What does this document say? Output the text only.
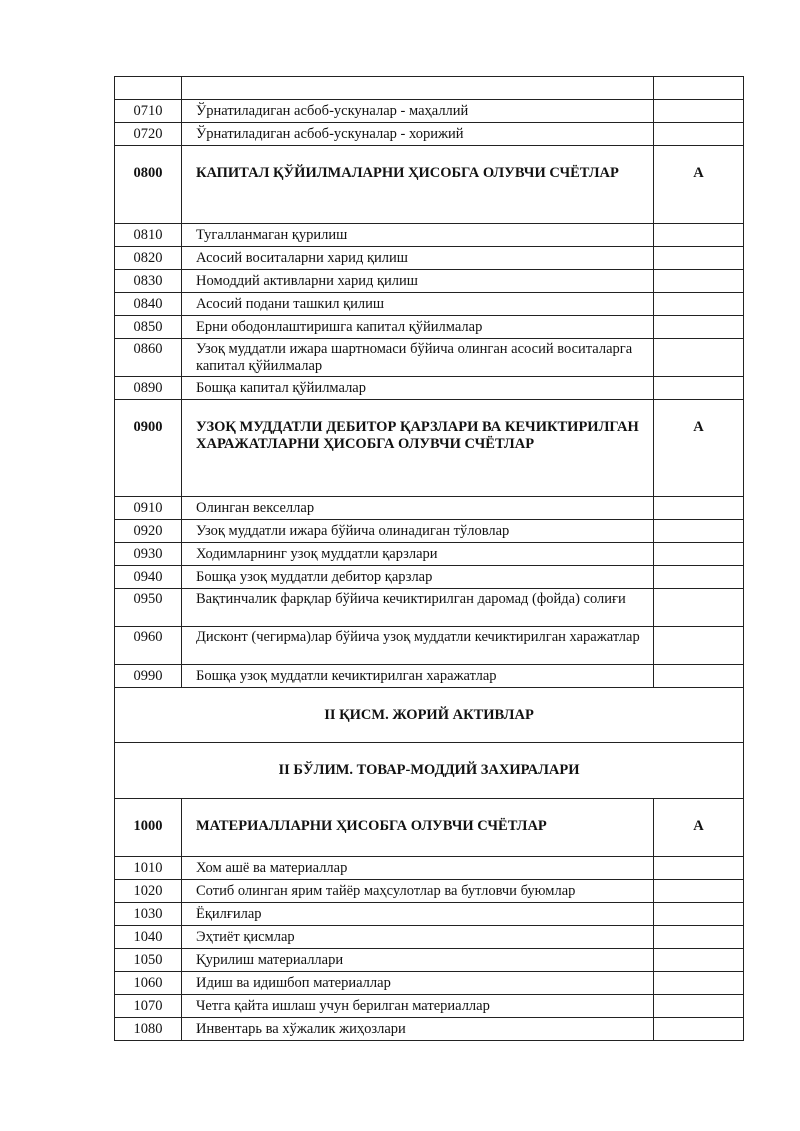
0710	Ўрнатиладиган асбоб-ускуналар - маҳаллий	
0720	Ўрнатиладиган асбоб-ускуналар - хорижий	
0800	КАПИТАЛ ҚЎЙИЛМАЛАРНИ ҲИСОБГА ОЛУВЧИ СЧЁТЛАР	А
0810	Тугалланмаган қурилиш	
0820	Асосий воситаларни харид қилиш	
0830	Номоддий активларни харид қилиш	
0840	Асосий подани ташкил қилиш	
0850	Ерни ободонлаштиришга капитал қўйилмалар	
0860	Узоқ муддатли ижара шартномаси бўйича олинган асосий воситаларга капитал қўйилмалар	
0890	Бошқа капитал қўйилмалар	
0900	УЗОҚ МУДДАТЛИ ДЕБИТОР ҚАРЗЛАРИ ВА КЕЧИКТИРИЛГАН ХАРАЖАТЛАРНИ ҲИСОБГА ОЛУВЧИ СЧЁТЛАР	А
0910	Олинган векселлар	
0920	Узоқ муддатли ижара бўйича олинадиган тўловлар	
0930	Ходимларнинг узоқ муддатли қарзлари	
0940	Бошқа узоқ муддатли дебитор қарзлар	
0950	Вақтинчалик фарқлар бўйича кечиктирилган даромад (фойда) солиғи	
0960	Дисконт (чегирма)лар бўйича узоқ муддатли кечиктирилган харажатлар	
0990	Бошқа узоқ муддатли кечиктирилган харажатлар	
II ҚИСМ. ЖОРИЙ АКТИВЛАР		
II БЎЛИМ. ТОВАР-МОДДИЙ ЗАХИРАЛАРИ		
1000	МАТЕРИАЛЛАРНИ ҲИСОБГА ОЛУВЧИ СЧЁТЛАР	А
1010	Хом ашё ва материаллар	
1020	Сотиб олинган ярим тайёр маҳсулотлар ва бутловчи буюмлар	
1030	Ёқилғилар	
1040	Эҳтиёт қисмлар	
1050	Қурилиш материаллари	
1060	Идиш ва идишбоп материаллар	
1070	Четга қайта ишлаш учун берилган материаллар	
1080	Инвентарь ва хўжалик жиҳозлари	
